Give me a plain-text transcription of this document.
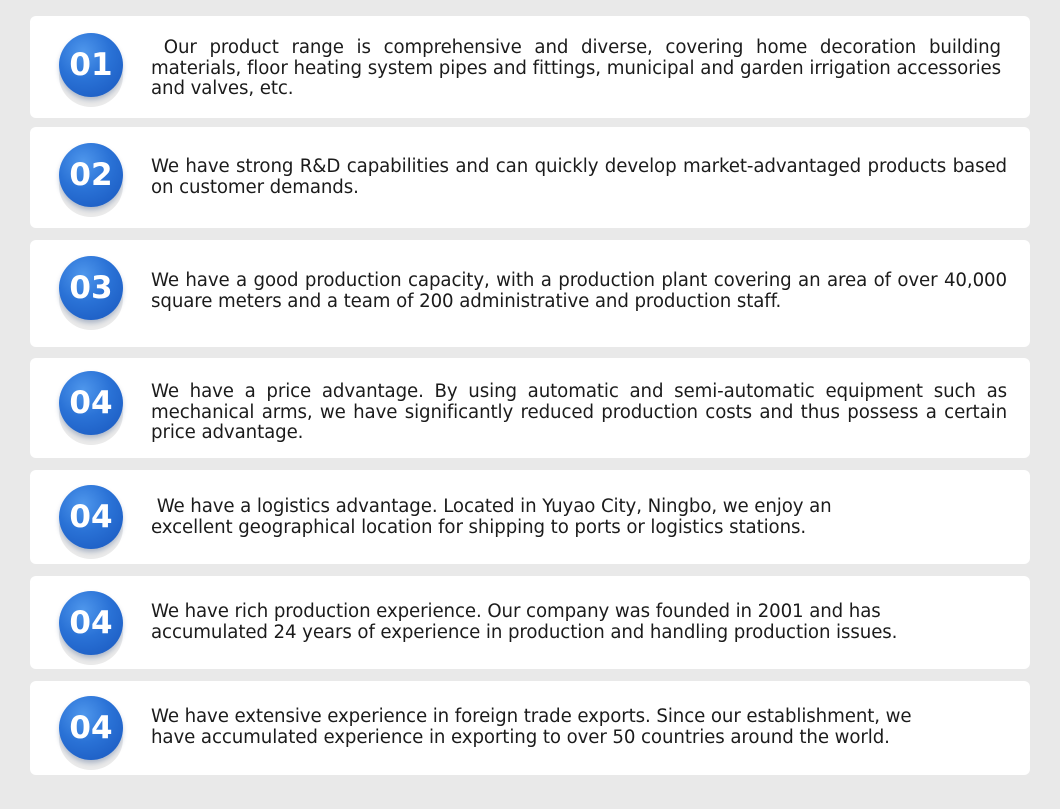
01	Our product range is comprehensive and diverse, covering home decoration building materials, floor heating system pipes and fittings, municipal and garden irrigation accessories and valves, etc.
02	We have strong R&D capabilities and can quickly develop market-advantaged products based on customer demands.
03	We have a good production capacity, with a production plant covering an area of over 40,000 square meters and a team of 200 administrative and production staff.
04	We have a price advantage. By using automatic and semi-automatic equipment such as mechanical arms, we have significantly reduced production costs and thus possess a certain price advantage.
04	We have a logistics advantage. Located in Yuyao City, Ningbo, we enjoy an excellent geographical location for shipping to ports or logistics stations.
04	We have rich production experience. Our company was founded in 2001 and has accumulated 24 years of experience in production and handling production issues.
04	We have extensive experience in foreign trade exports. Since our establishment, we have accumulated experience in exporting to over 50 countries around the world.
